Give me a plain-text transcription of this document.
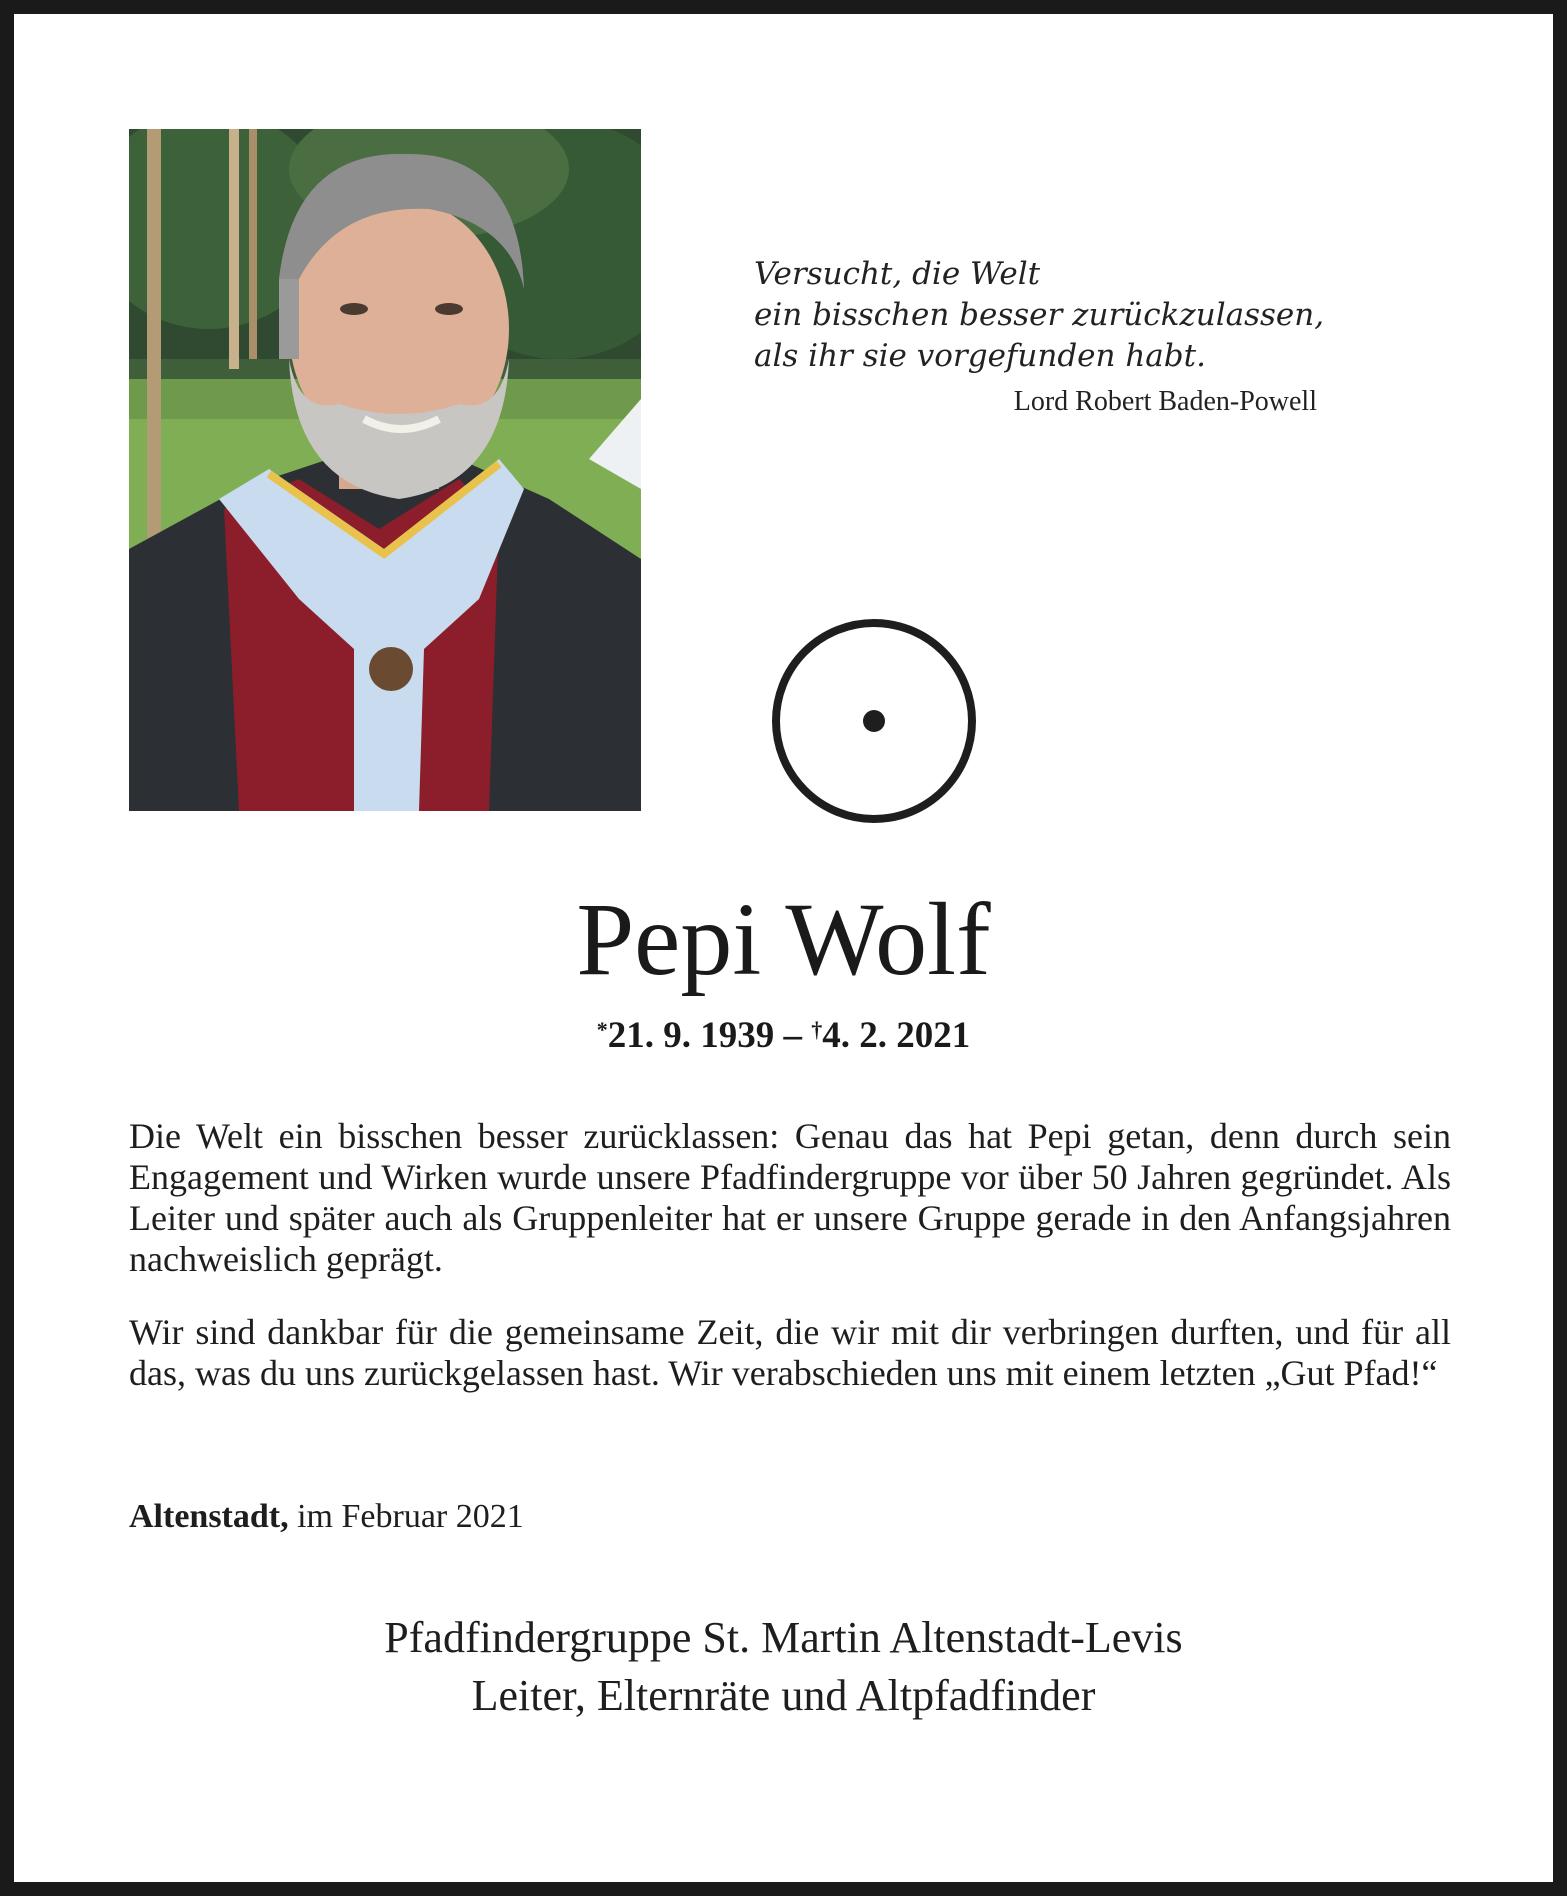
Versucht, die Welt
ein bisschen besser zurückzulassen,
als ihr sie vorgefunden habt.
Lord Robert Baden-Powell
Pepi Wolf
*21. 9. 1939 – †4. 2. 2021

Die Welt ein bisschen besser zurücklassen: Genau das hat Pepi getan, denn durch sein Engagement und Wirken wurde unsere Pfadfindergruppe vor über 50 Jahren gegründet. Als Leiter und später auch als Gruppenleiter hat er unsere Gruppe gerade in den Anfangsjahren nachweislich geprägt.

Wir sind dankbar für die gemeinsame Zeit, die wir mit dir verbringen durften, und für all das, was du uns zurückgelassen hast. Wir verabschieden uns mit einem letzten „Gut Pfad!“

Altenstadt, im Februar 2021
Pfadfindergruppe St. Martin Altenstadt-Levis
Leiter, Elternräte und Altpfadfinder
